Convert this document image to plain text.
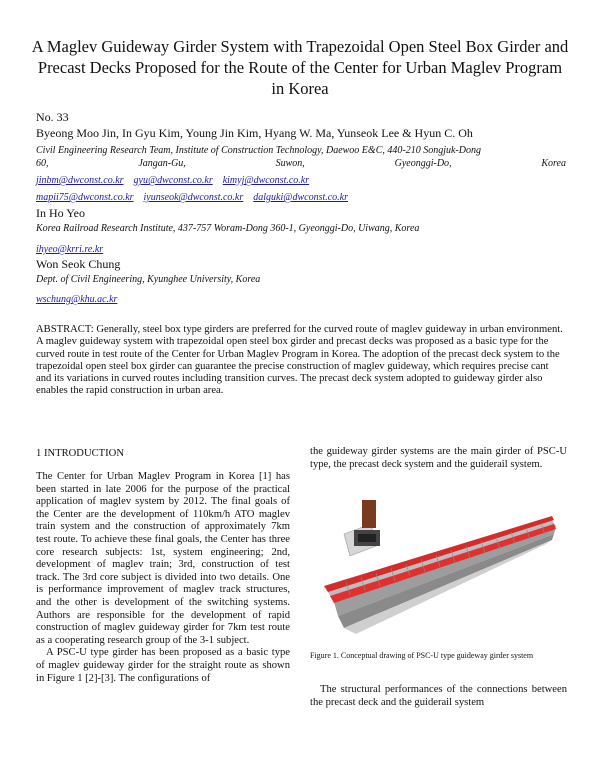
A Maglev Guideway Girder System with Trapezoidal Open Steel Box Girder and Precast Decks Proposed for the Route of the Center for Urban Maglev Program in Korea
No. 33
Byeong Moo Jin, In Gyu Kim, Young Jin Kim, Hyang W. Ma, Yunseok Lee & Hyun C. Oh
Civil Engineering Research Team, Institute of Construction Technology, Daewoo E&C, 440-210 Songjuk-Dong
60,	Jangan-Gu,	Suwon,	Gyeonggi-Do,	Korea
jinbm@dwconst.co.kr gyu@dwconst.co.kr kimyj@dwconst.co.kr
mapii75@dwconst.co.kr iyunseok@dwconst.co.kr dalguki@dwconst.co.kr
In Ho Yeo
Korea Railroad Research Institute, 437-757 Woram-Dong 360-1, Gyeonggi-Do, Uiwang, Korea
ihyeo@krri.re.kr
Won Seok Chung
Dept. of Civil Engineering, Kyunghee University, Korea
wschung@khu.ac.kr
ABSTRACT: Generally, steel box type girders are preferred for the curved route of maglev guideway in urban environment. A maglev guideway system with trapezoidal open steel box girder and precast decks was proposed as a basic type for the curved route in test route of the Center for Urban Maglev Program in Korea. The adoption of the precast deck system to the trapezoidal open steel box girder can guarantee the precise construction of maglev guideway, which requires precise cant and its variations in curved routes including transition curves. The precast deck system adopted to guideway girder also enables the rapid construction in urban area.
1 INTRODUCTION

The Center for Urban Maglev Program in Korea [1] has been started in late 2006 for the purpose of the practical application of maglev system by 2012. The final goals of the Center are the development of 110km/h ATO maglev train system and the construction of approximately 7km test route. To achieve these final goals, the Center has three core research subjects: 1st, system engineering; 2nd, development of maglev train; 3rd, construction of test track. The 3rd core subject is divided into two details. One is performance improvement of maglev track structures, and the other is development of the switching systems. Authors are responsible for the development of rapid construction of maglev guideway girder for 7km test route as a cooperating research group of the 3-1 subject.

A PSC-U type girder has been proposed as a basic type of maglev guideway girder for the straight route as shown in Figure 1 [2]-[3]. The configurations of

the guideway girder systems are the main girder of PSC-U type, the precast deck system and the guiderail system.

Figure 1. Conceptual drawing of PSC-U type guideway girder system

The structural performances of the connections between the precast deck and the guiderail system
